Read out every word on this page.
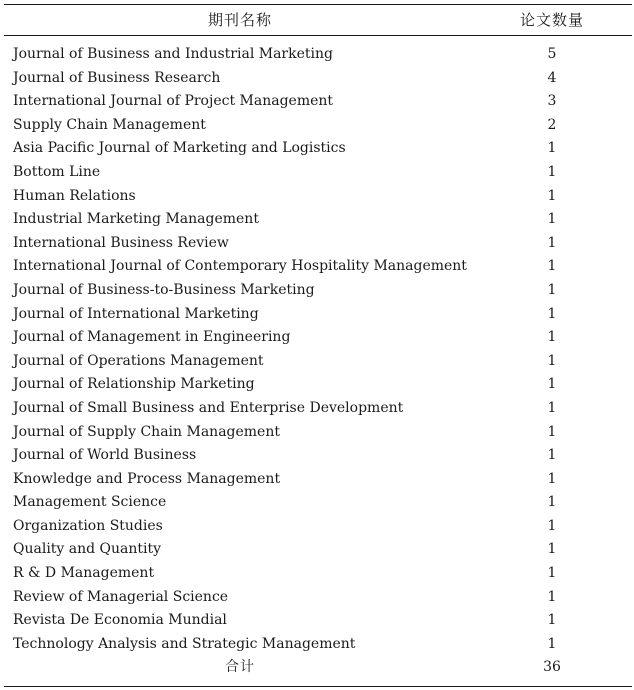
期刊名称	论文数量
Journal of Business and Industrial Marketing	5
Journal of Business Research	4
International Journal of Project Management	3
Supply Chain Management	2
Asia Pacific Journal of Marketing and Logistics	1
Bottom Line	1
Human Relations	1
Industrial Marketing Management	1
International Business Review	1
International Journal of Contemporary Hospitality Management	1
Journal of Business-to-Business Marketing	1
Journal of International Marketing	1
Journal of Management in Engineering	1
Journal of Operations Management	1
Journal of Relationship Marketing	1
Journal of Small Business and Enterprise Development	1
Journal of Supply Chain Management	1
Journal of World Business	1
Knowledge and Process Management	1
Management Science	1
Organization Studies	1
Quality and Quantity	1
R & D Management	1
Review of Managerial Science	1
Revista De Economia Mundial	1
Technology Analysis and Strategic Management	1
合计	36
